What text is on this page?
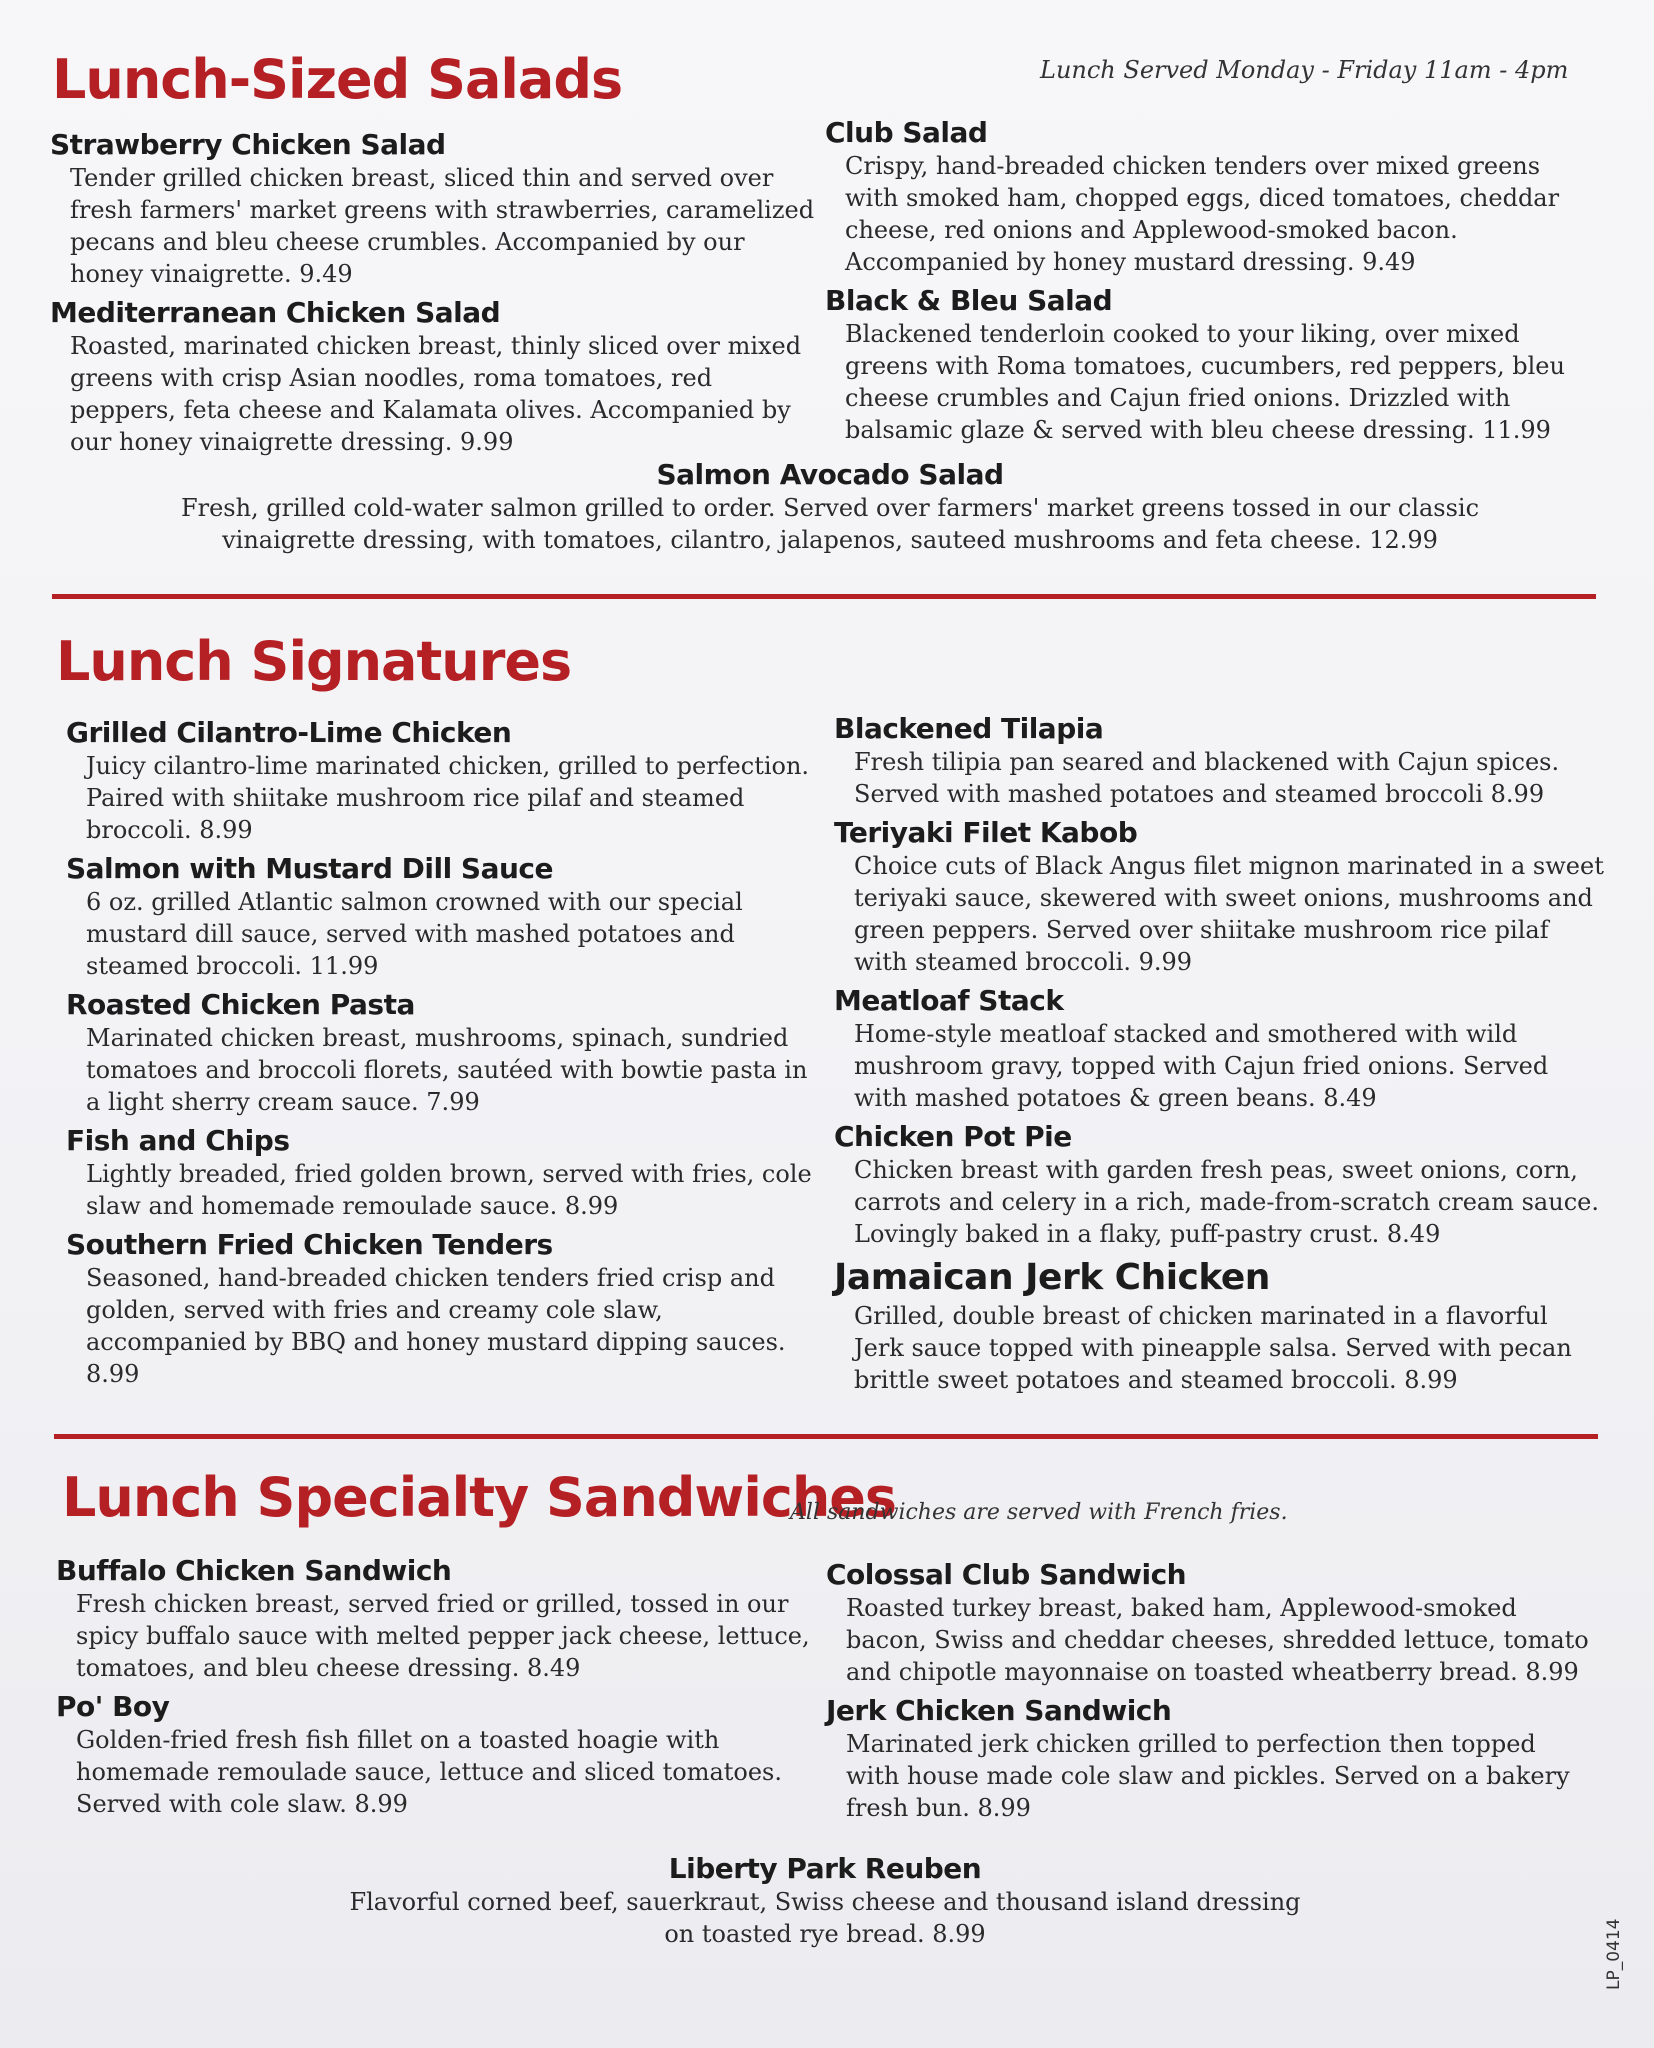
Lunch-Sized Salads	Lunch Served Monday - Friday 11am - 4pm
Strawberry Chicken Salad
Tender grilled chicken breast, sliced thin and served over fresh farmers' market greens with strawberries, caramelized pecans and bleu cheese crumbles. Accompanied by our honey vinaigrette. 9.49
Mediterranean Chicken Salad
Roasted, marinated chicken breast, thinly sliced over mixed greens with crisp Asian noodles, roma tomatoes, red peppers, feta cheese and Kalamata olives. Accompanied by our honey vinaigrette dressing. 9.99
Club Salad
Crispy, hand-breaded chicken tenders over mixed greens with smoked ham, chopped eggs, diced tomatoes, cheddar cheese, red onions and Applewood-smoked bacon. Accompanied by honey mustard dressing. 9.49
Black & Bleu Salad
Blackened tenderloin cooked to your liking, over mixed greens with Roma tomatoes, cucumbers, red peppers, bleu cheese crumbles and Cajun fried onions. Drizzled with balsamic glaze & served with bleu cheese dressing. 11.99
Salmon Avocado Salad
Fresh, grilled cold-water salmon grilled to order. Served over farmers' market greens tossed in our classic vinaigrette dressing, with tomatoes, cilantro, jalapenos, sauteed mushrooms and feta cheese. 12.99
Lunch Signatures
Grilled Cilantro-Lime Chicken
Juicy cilantro-lime marinated chicken, grilled to perfection. Paired with shiitake mushroom rice pilaf and steamed broccoli. 8.99
Salmon with Mustard Dill Sauce
6 oz. grilled Atlantic salmon crowned with our special mustard dill sauce, served with mashed potatoes and steamed broccoli. 11.99
Roasted Chicken Pasta
Marinated chicken breast, mushrooms, spinach, sundried tomatoes and broccoli florets, sautéed with bowtie pasta in a light sherry cream sauce. 7.99
Fish and Chips
Lightly breaded, fried golden brown, served with fries, cole slaw and homemade remoulade sauce. 8.99
Southern Fried Chicken Tenders
Seasoned, hand-breaded chicken tenders fried crisp and golden, served with fries and creamy cole slaw, accompanied by BBQ and honey mustard dipping sauces. 8.99
Blackened Tilapia
Fresh tilipia pan seared and blackened with Cajun spices. Served with mashed potatoes and steamed broccoli 8.99
Teriyaki Filet Kabob
Choice cuts of Black Angus filet mignon marinated in a sweet teriyaki sauce, skewered with sweet onions, mushrooms and green peppers. Served over shiitake mushroom rice pilaf with steamed broccoli. 9.99
Meatloaf Stack
Home-style meatloaf stacked and smothered with wild mushroom gravy, topped with Cajun fried onions. Served with mashed potatoes & green beans. 8.49
Chicken Pot Pie
Chicken breast with garden fresh peas, sweet onions, corn, carrots and celery in a rich, made-from-scratch cream sauce. Lovingly baked in a flaky, puff-pastry crust. 8.49
Jamaican Jerk Chicken
Grilled, double breast of chicken marinated in a flavorful Jerk sauce topped with pineapple salsa. Served with pecan brittle sweet potatoes and steamed broccoli. 8.99
Lunch Specialty Sandwiches
All sandwiches are served with French fries.
Buffalo Chicken Sandwich
Fresh chicken breast, served fried or grilled, tossed in our spicy buffalo sauce with melted pepper jack cheese, lettuce, tomatoes, and bleu cheese dressing. 8.49
Po' Boy
Golden-fried fresh fish fillet on a toasted hoagie with homemade remoulade sauce, lettuce and sliced tomatoes. Served with cole slaw. 8.99
Colossal Club Sandwich
Roasted turkey breast, baked ham, Applewood-smoked bacon, Swiss and cheddar cheeses, shredded lettuce, tomato and chipotle mayonnaise on toasted wheatberry bread. 8.99
Jerk Chicken Sandwich
Marinated jerk chicken grilled to perfection then topped with house made cole slaw and pickles. Served on a bakery fresh bun. 8.99
Liberty Park Reuben
Flavorful corned beef, sauerkraut, Swiss cheese and thousand island dressing
on toasted rye bread. 8.99	LP_0414
